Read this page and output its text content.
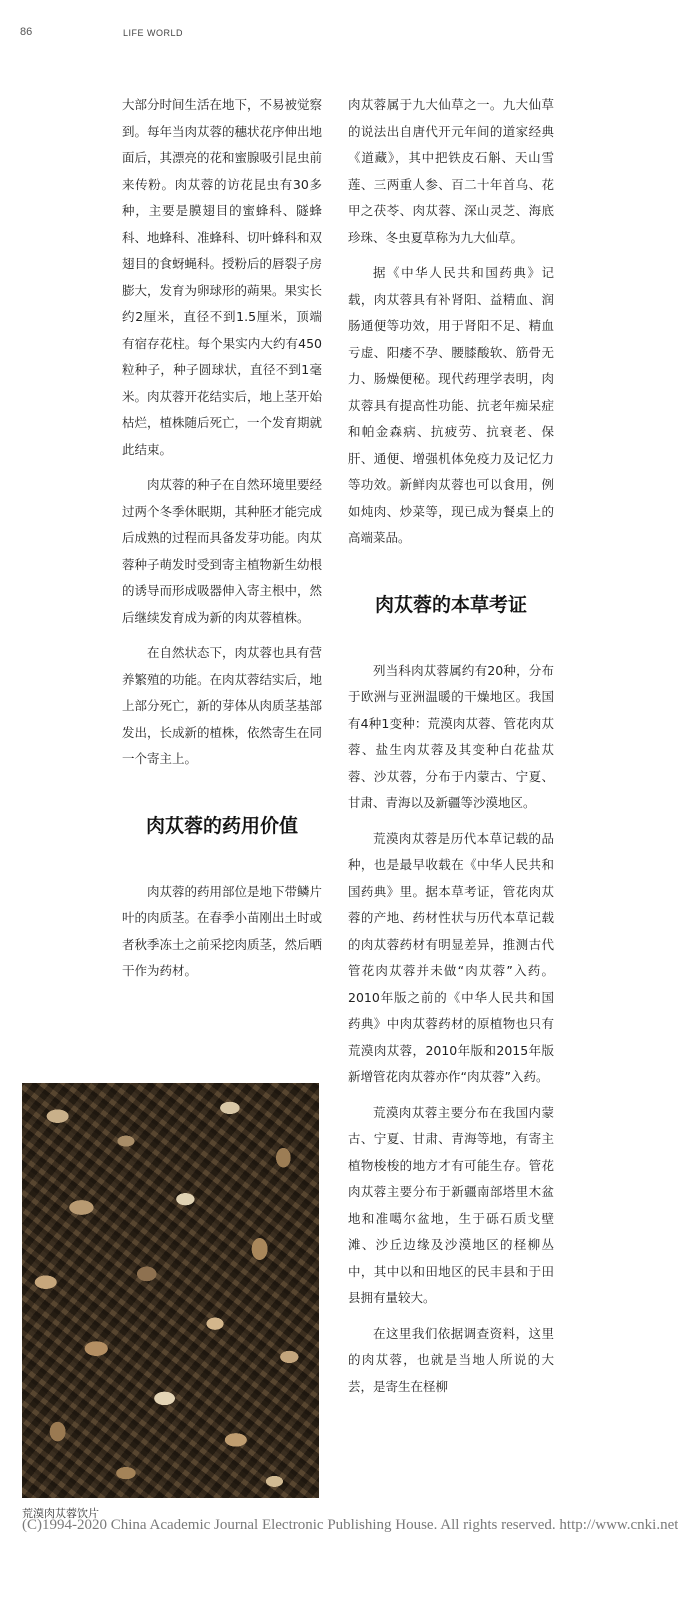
86	LIFE WORLD

大部分时间生活在地下，不易被觉察到。每年当肉苁蓉的穗状花序伸出地面后，其漂亮的花和蜜腺吸引昆虫前来传粉。肉苁蓉的访花昆虫有30多种，主要是膜翅目的蜜蜂科、隧蜂科、地蜂科、准蜂科、切叶蜂科和双翅目的食蚜蝇科。授粉后的唇裂子房膨大，发育为卵球形的蒴果。果实长约2厘米，直径不到1.5厘米，顶端有宿存花柱。每个果实内大约有450粒种子，种子圆球状，直径不到1毫米。肉苁蓉开花结实后，地上茎开始枯烂，植株随后死亡，一个发育期就此结束。

肉苁蓉的种子在自然环境里要经过两个冬季休眠期，其种胚才能完成后成熟的过程而具备发芽功能。肉苁蓉种子萌发时受到寄主植物新生幼根的诱导而形成吸器伸入寄主根中，然后继续发育成为新的肉苁蓉植株。

在自然状态下，肉苁蓉也具有营养繁殖的功能。在肉苁蓉结实后，地上部分死亡，新的芽体从肉质茎基部发出，长成新的植株，依然寄生在同一个寄主上。

肉苁蓉的药用价值

肉苁蓉的药用部位是地下带鳞片叶的肉质茎。在春季小苗刚出土时或者秋季冻土之前采挖肉质茎，然后晒干作为药材。

肉苁蓉属于九大仙草之一。九大仙草的说法出自唐代开元年间的道家经典《道藏》，其中把铁皮石斛、天山雪莲、三两重人参、百二十年首乌、花甲之茯苓、肉苁蓉、深山灵芝、海底珍珠、冬虫夏草称为九大仙草。

据《中华人民共和国药典》记载，肉苁蓉具有补肾阳、益精血、润肠通便等功效，用于肾阳不足、精血亏虚、阳痿不孕、腰膝酸软、筋骨无力、肠燥便秘。现代药理学表明，肉苁蓉具有提高性功能、抗老年痴呆症和帕金森病、抗疲劳、抗衰老、保肝、通便、增强机体免疫力及记忆力等功效。新鲜肉苁蓉也可以食用，例如炖肉、炒菜等，现已成为餐桌上的高端菜品。

肉苁蓉的本草考证

列当科肉苁蓉属约有20种，分布于欧洲与亚洲温暖的干燥地区。我国有4种1变种：荒漠肉苁蓉、管花肉苁蓉、盐生肉苁蓉及其变种白花盐苁蓉、沙苁蓉，分布于内蒙古、宁夏、甘肃、青海以及新疆等沙漠地区。

荒漠肉苁蓉是历代本草记载的品种，也是最早收载在《中华人民共和国药典》里。据本草考证，管花肉苁蓉的产地、药材性状与历代本草记载的肉苁蓉药材有明显差异，推测古代管花肉苁蓉并未做“肉苁蓉”入药。2010年版之前的《中华人民共和国药典》中肉苁蓉药材的原植物也只有荒漠肉苁蓉，2010年版和2015年版新增管花肉苁蓉亦作“肉苁蓉”入药。

荒漠肉苁蓉主要分布在我国内蒙古、宁夏、甘肃、青海等地，有寄主植物梭梭的地方才有可能生存。管花肉苁蓉主要分布于新疆南部塔里木盆地和准噶尔盆地，生于砾石质戈壁滩、沙丘边缘及沙漠地区的柽柳丛中，其中以和田地区的民丰县和于田县拥有量较大。

在这里我们依据调查资料，这里的肉苁蓉，也就是当地人所说的大芸，是寄生在柽柳

荒漠肉苁蓉饮片
(C)1994-2020 China Academic Journal Electronic Publishing House. All rights reserved. http://www.cnki.net
